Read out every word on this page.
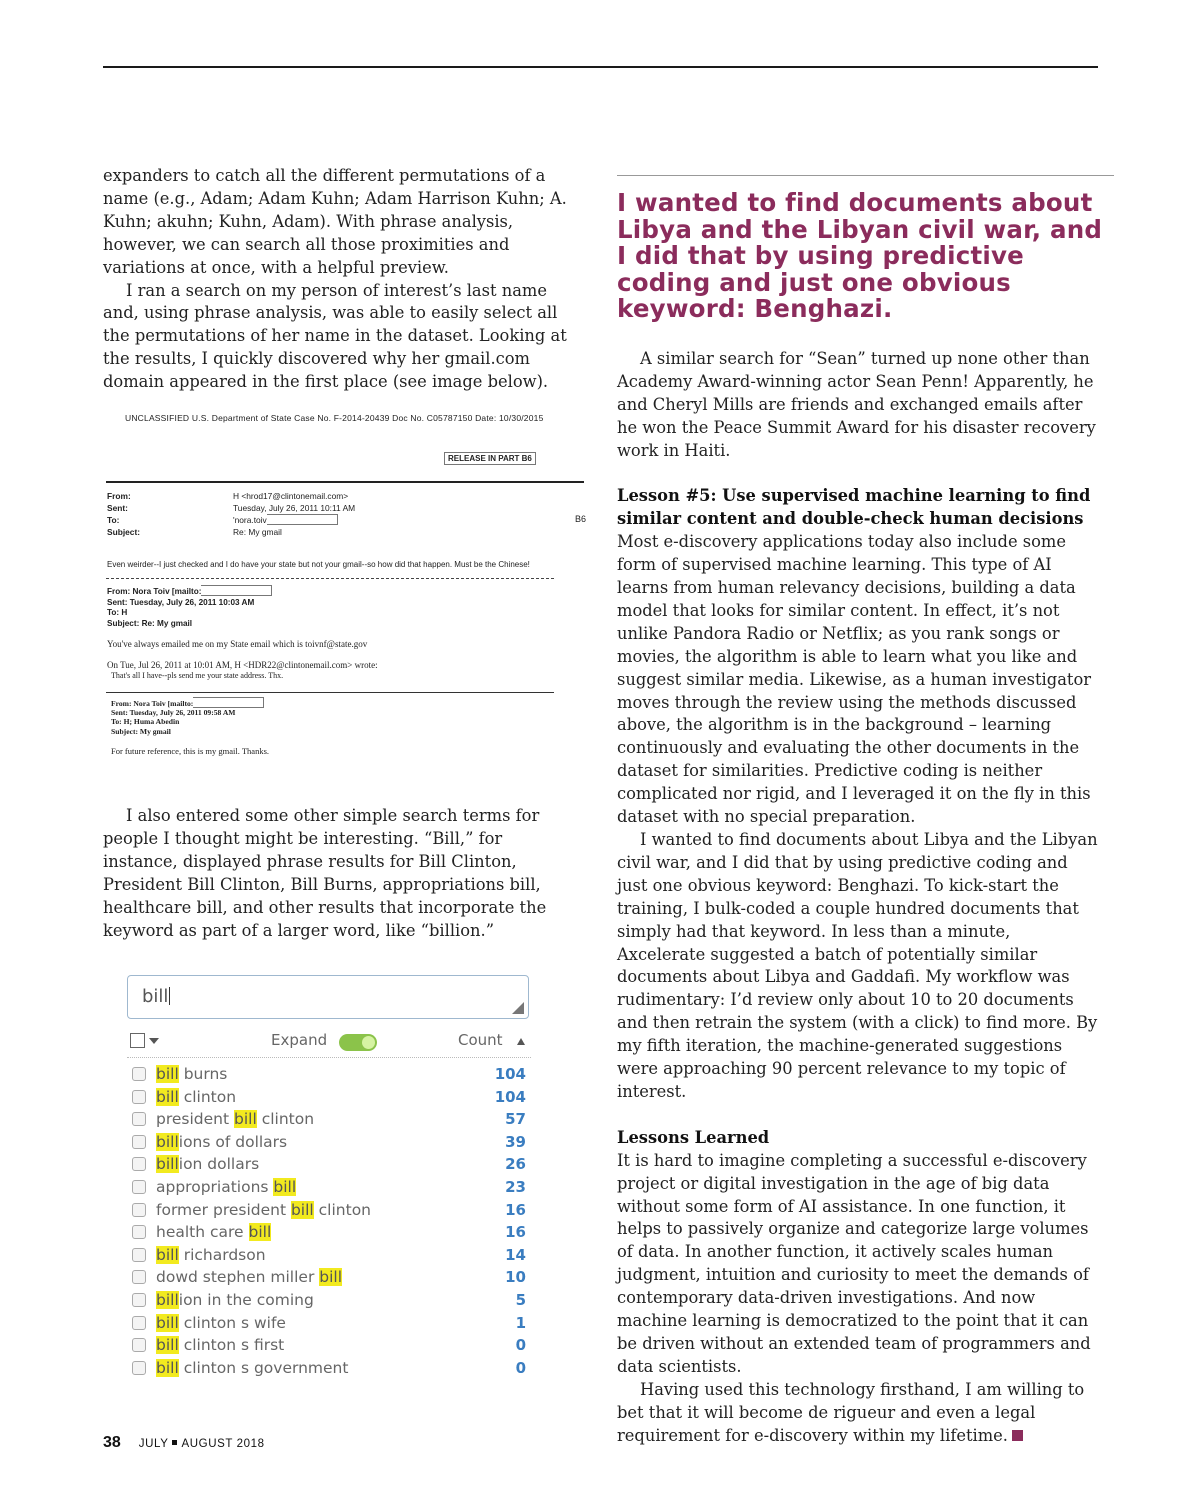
expanders to catch all the different permutations of a name (e.g., Adam; Adam Kuhn; Adam Harrison Kuhn; A. Kuhn; akuhn; Kuhn, Adam). With phrase analysis, however, we can search all those proximities and variations at once, with a helpful preview.

I ran a search on my person of interest’s last name and, using phrase analysis, was able to easily select all the permutations of her name in the dataset. Looking at the results, I quickly discovered why her gmail.com domain appeared in the first place (see image below).

UNCLASSIFIED U.S. Department of State Case No. F-2014-20439 Doc No. C05787150 Date: 10/30/2015
RELEASE IN PART B6
B6
From:	H <hrod17@clintonemail.com>
Sent:	Tuesday, July 26, 2011 10:11 AM
To:	'nora.toiv
Subject:	Re: My gmail
Even weirder--I just checked and I do have your state but not your gmail--so how did that happen. Must be the Chinese!
From: Nora Toiv [mailto:
Sent: Tuesday, July 26, 2011 10:03 AM
To: H
Subject: Re: My gmail
You've always emailed me on my State email which is toivnf@state.gov
On Tue, Jul 26, 2011 at 10:01 AM, H <HDR22@clintonemail.com> wrote:
That's all I have--pls send me your state address. Thx.
From: Nora Toiv [mailto:
Sent: Tuesday, July 26, 2011 09:58 AM
To: H; Huma Abedin
Subject: My gmail
For future reference, this is my gmail. Thanks.

I also entered some other simple search terms for people I thought might be interesting. “Bill,” for instance, displayed phrase results for Bill Clinton, President Bill Clinton, Bill Burns, appropriations bill, healthcare bill, and other results that incorporate the keyword as part of a larger word, like “billion.”

bill
Expand	Count
bill burns	104
bill clinton	104
president bill clinton	57
billions of dollars	39
billion dollars	26
appropriations bill	23
former president bill clinton	16
health care bill	16
bill richardson	14
dowd stephen miller bill	10
billion in the coming	5
bill clinton s wife	1
bill clinton s first	0
bill clinton s government	0

I wanted to find documents about Libya and the Libyan civil war, and I did that by using predictive coding and just one obvious keyword: Benghazi.

A similar search for “Sean” turned up none other than Academy Award-winning actor Sean Penn! Apparently, he and Cheryl Mills are friends and exchanged emails after he won the Peace Summit Award for his disaster recovery work in Haiti.

Lesson #5: Use supervised machine learning to find similar content and double-check human decisions

Most e-discovery applications today also include some form of supervised machine learning. This type of AI learns from human relevancy decisions, building a data model that looks for similar content. In effect, it’s not unlike Pandora Radio or Netflix; as you rank songs or movies, the algorithm is able to learn what you like and suggest similar media. Likewise, as a human investigator moves through the review using the methods discussed above, the algorithm is in the background – learning continuously and evaluating the other documents in the dataset for similarities. Predictive coding is neither complicated nor rigid, and I leveraged it on the fly in this dataset with no special preparation.

I wanted to find documents about Libya and the Libyan civil war, and I did that by using predictive coding and just one obvious keyword: Benghazi. To kick-start the training, I bulk-coded a couple hundred documents that simply had that keyword. In less than a minute, Axcelerate suggested a batch of potentially similar documents about Libya and Gaddafi. My workflow was rudimentary: I’d review only about 10 to 20 documents and then retrain the system (with a click) to find more. By my fifth iteration, the machine-generated suggestions were approaching 90 percent relevance to my topic of interest.

Lessons Learned

It is hard to imagine completing a successful e-discovery project or digital investigation in the age of big data without some form of AI assistance. In one function, it helps to passively organize and categorize large volumes of data. In another function, it actively scales human judgment, intuition and curiosity to meet the demands of contemporary data-driven investigations. And now machine learning is democratized to the point that it can be driven without an extended team of programmers and data scientists.

Having used this technology firsthand, I am willing to bet that it will become de rigueur and even a legal requirement for e-discovery within my lifetime.

38 JULY AUGUST 2018
